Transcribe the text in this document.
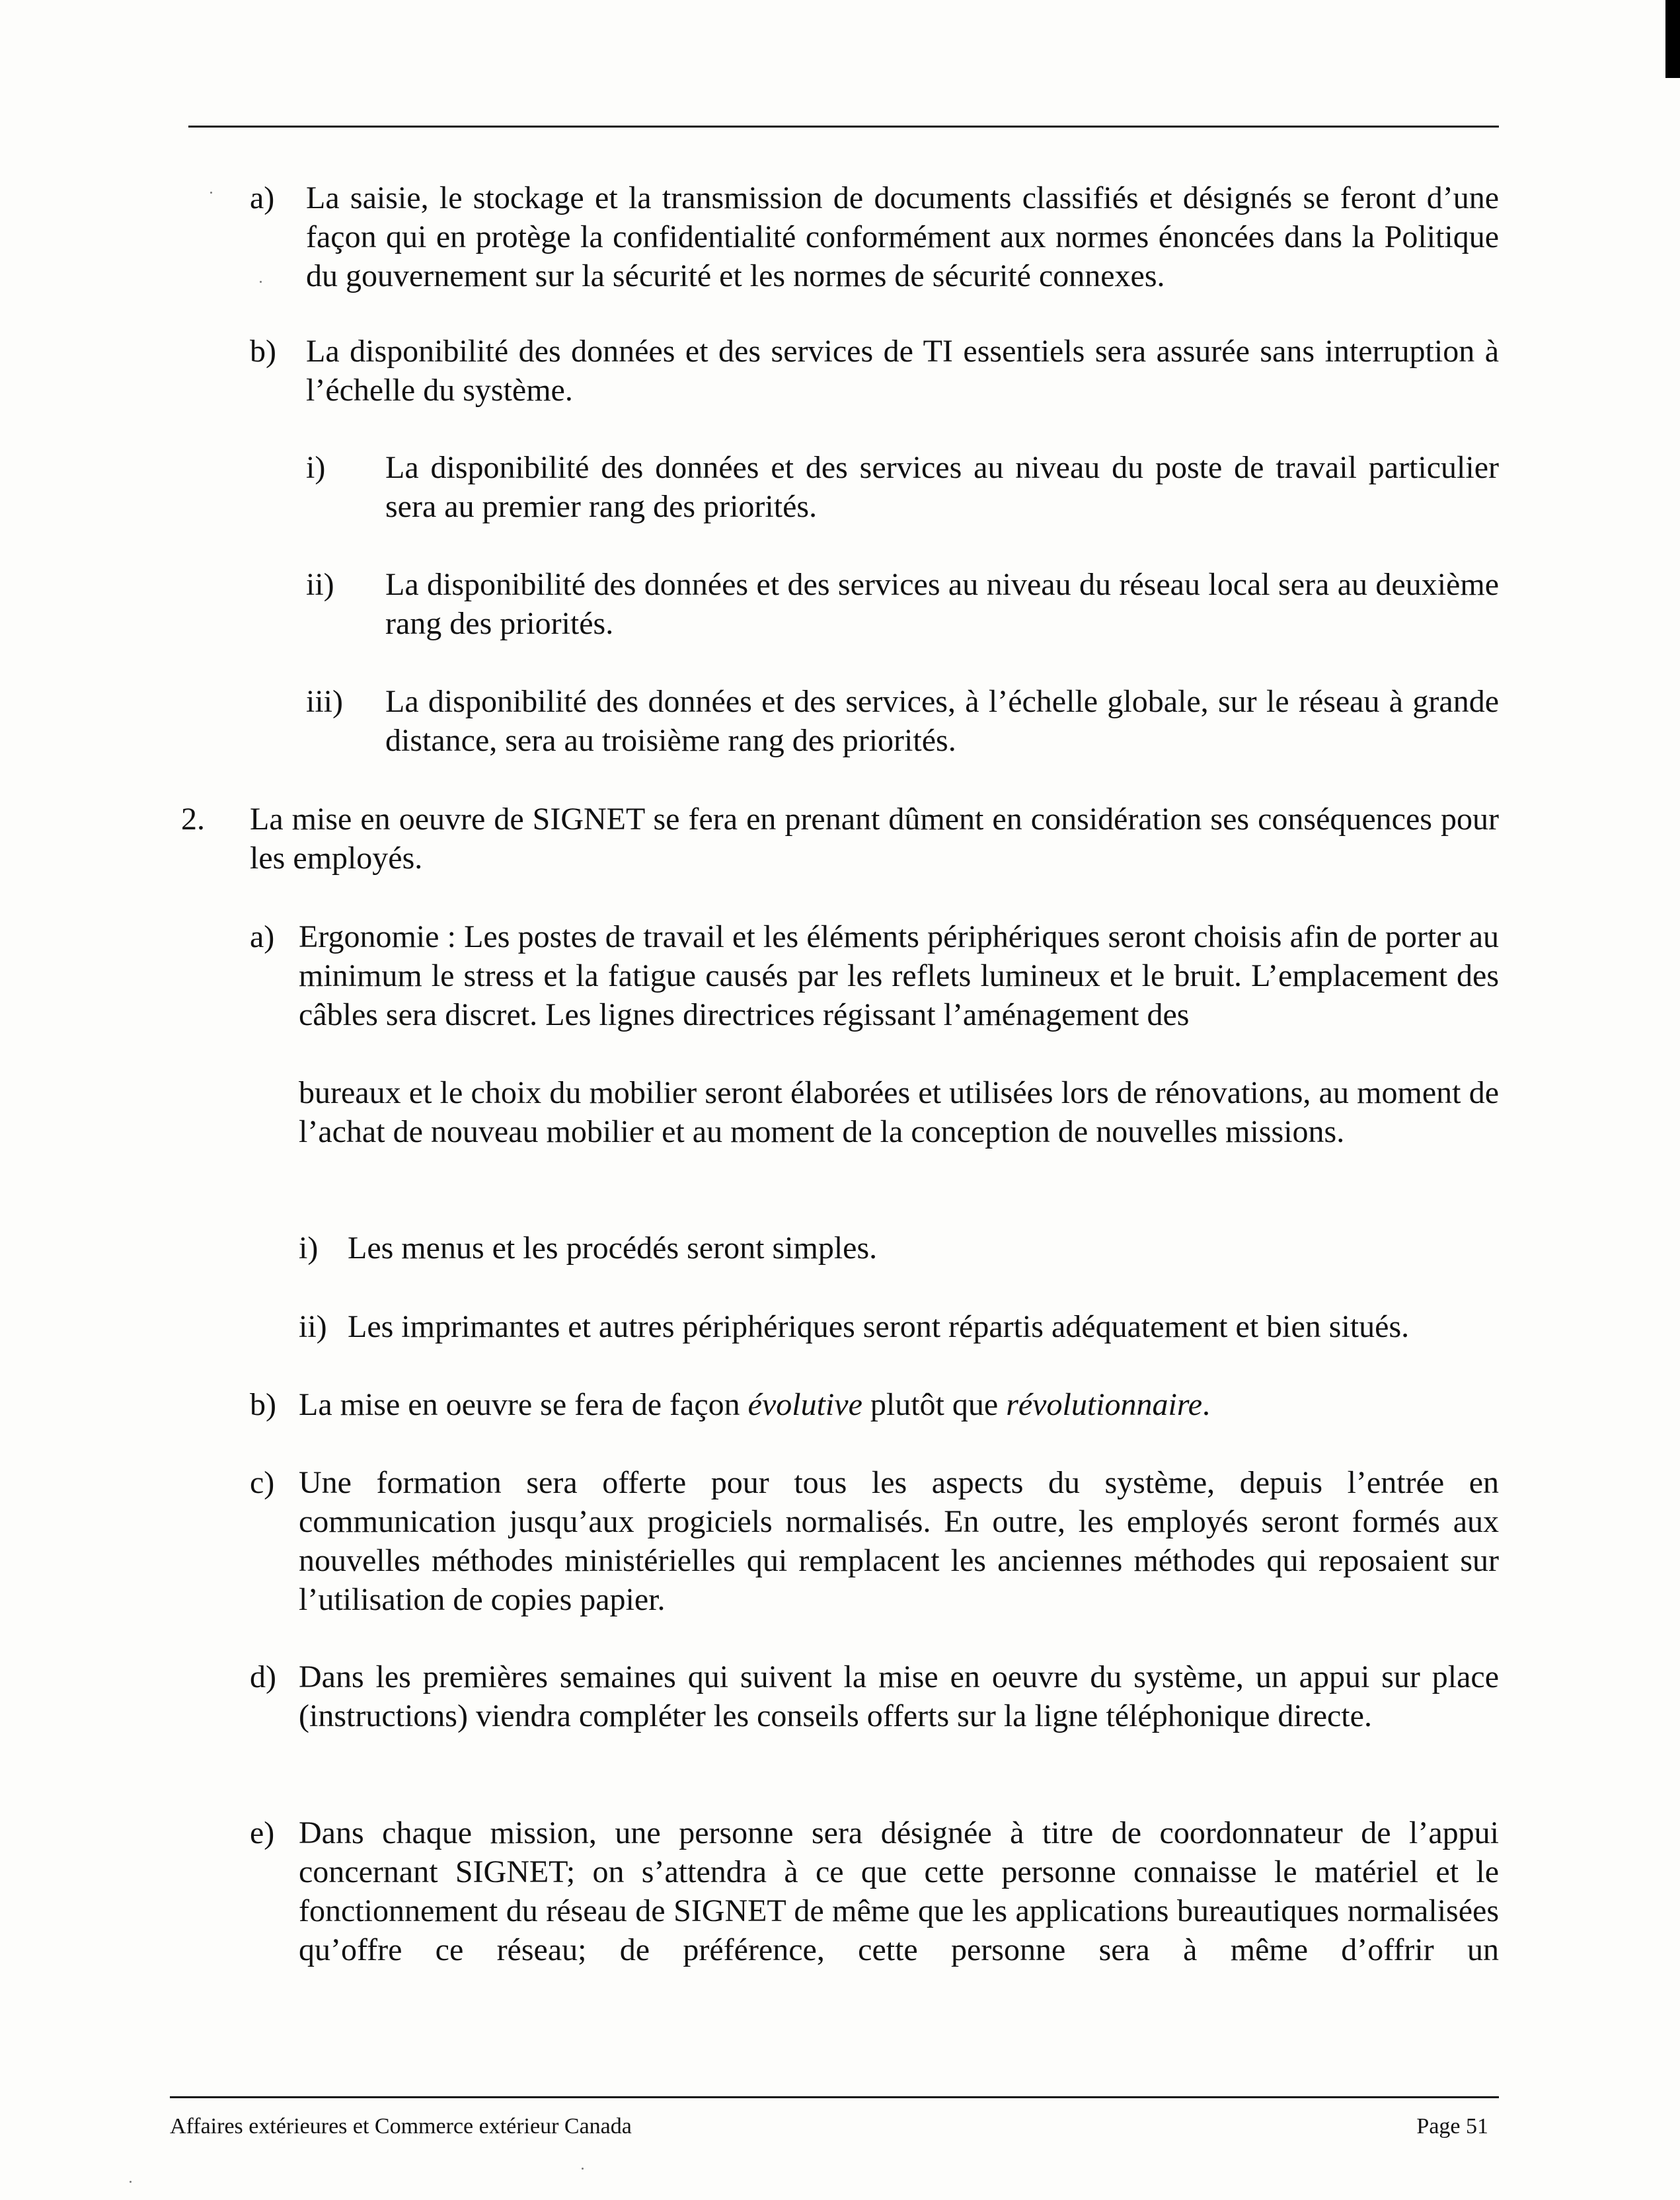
a) La saisie, le stockage et la transmission de documents classifiés et désignés se feront d’une façon qui en protège la confidentialité conformément aux normes énoncées dans la Politique du gouvernement sur la sécurité et les normes de sécurité connexes.

b) La disponibilité des données et des services de TI essentiels sera assurée sans interruption à l’échelle du système.

i) La disponibilité des données et des services au niveau du poste de travail particulier sera au premier rang des priorités.

ii) La disponibilité des données et des services au niveau du réseau local sera au deuxième rang des priorités.

iii) La disponibilité des données et des services, à l’échelle globale, sur le réseau à grande distance, sera au troisième rang des priorités.

2. La mise en oeuvre de SIGNET se fera en prenant dûment en considération ses conséquences pour les employés.

a) Ergonomie : Les postes de travail et les éléments périphériques seront choisis afin de porter au minimum le stress et la fatigue causés par les reflets lumineux et le bruit. L’emplacement des câbles sera discret. Les lignes directrices régissant l’aménagement des

bureaux et le choix du mobilier seront élaborées et utilisées lors de rénovations, au moment de l’achat de nouveau mobilier et au moment de la conception de nouvelles missions.

i) Les menus et les procédés seront simples.

ii) Les imprimantes et autres périphériques seront répartis adéquatement et bien situés.

b) La mise en oeuvre se fera de façon évolutive plutôt que révolutionnaire.

c) Une formation sera offerte pour tous les aspects du système, depuis l’entrée en communication jusqu’aux progiciels normalisés. En outre, les employés seront formés aux nouvelles méthodes ministérielles qui remplacent les anciennes méthodes qui reposaient sur l’utilisation de copies papier.

d) Dans les premières semaines qui suivent la mise en oeuvre du système, un appui sur place (instructions) viendra compléter les conseils offerts sur la ligne téléphonique directe.

e) Dans chaque mission, une personne sera désignée à titre de coordonnateur de l’appui concernant SIGNET; on s’attendra à ce que cette personne connaisse le matériel et le fonctionnement du réseau de SIGNET de même que les applications bureautiques normalisées qu’offre ce réseau; de préférence, cette personne sera à même d’offrir un

Affaires extérieures et Commerce extérieur Canada	Page 51
